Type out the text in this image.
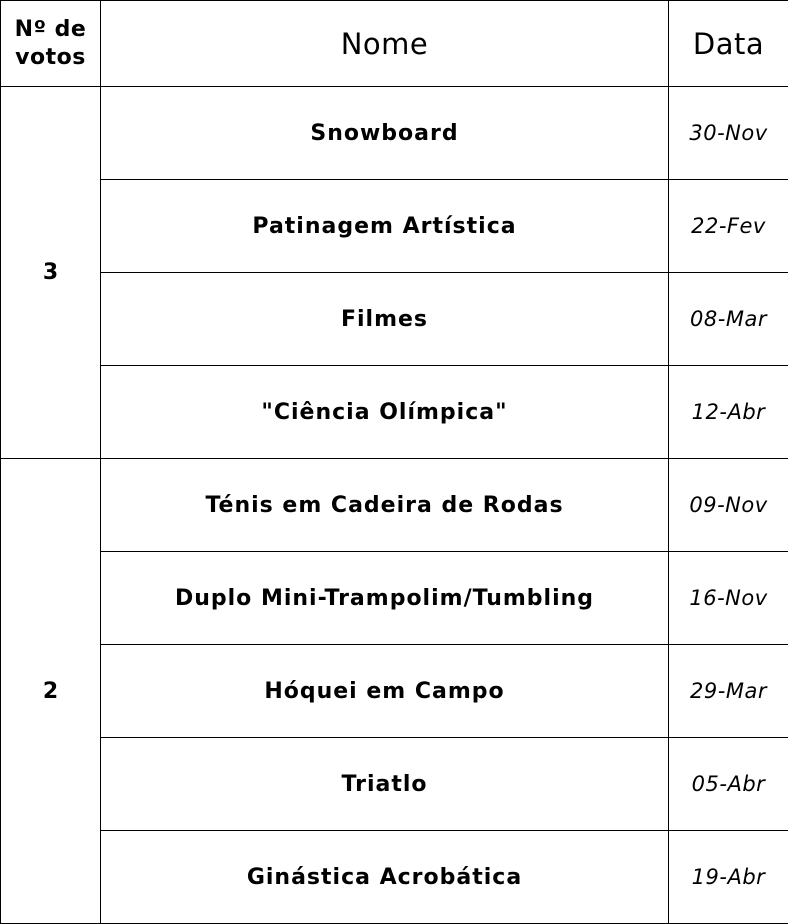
Nº de votos	Nome	Data
3	Snowboard	30-Nov
	Patinagem Artística	22-Fev
	Filmes	08-Mar
	"Ciência Olímpica"	12-Abr
2	Ténis em Cadeira de Rodas	09-Nov
	Duplo Mini-Trampolim/Tumbling	16-Nov
	Hóquei em Campo	29-Mar
	Triatlo	05-Abr
	Ginástica Acrobática	19-Abr
